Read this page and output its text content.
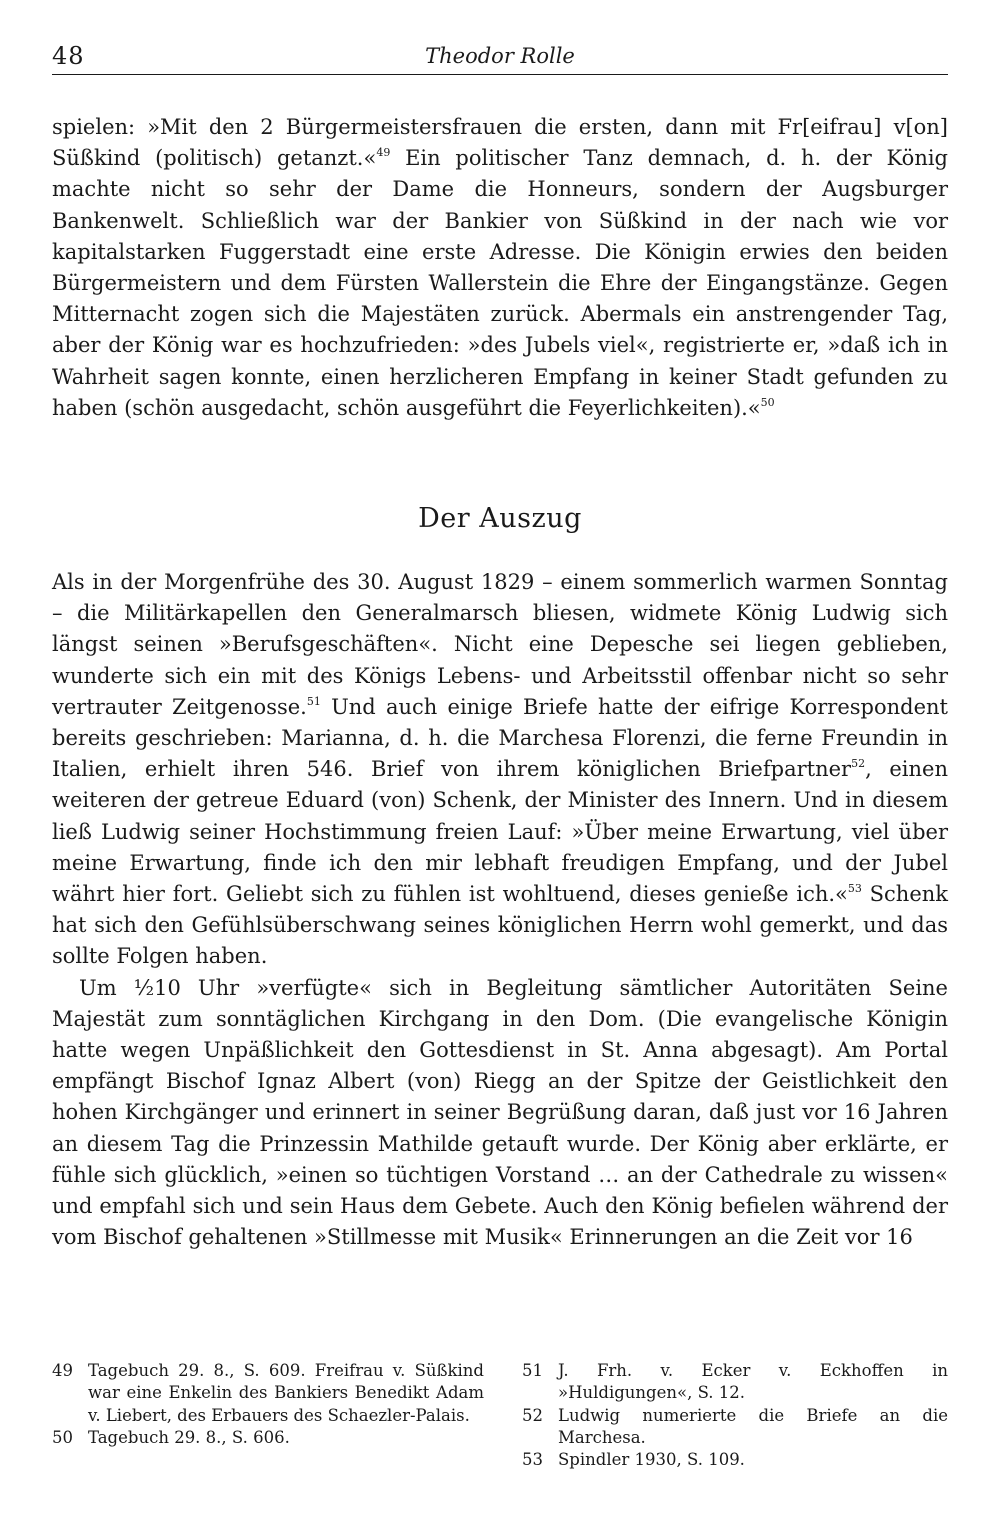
48	Theodor Rolle

spielen: »Mit den 2 Bürgermeistersfrauen die ersten, dann mit Fr[eifrau] v[on] Süßkind (politisch) getanzt.«$^{49}$ Ein politischer Tanz demnach, d. h. der König machte nicht so sehr der Dame die Honneurs, sondern der Augsburger Bankenwelt. Schließlich war der Bankier von Süßkind in der nach wie vor kapitalstarken Fuggerstadt eine erste Adresse. Die Königin erwies den beiden Bürgermeistern und dem Fürsten Wallerstein die Ehre der Eingangstänze. Gegen Mitternacht zogen sich die Majestäten zurück. Abermals ein anstrengender Tag, aber der König war es hochzufrieden: »des Jubels viel«, registrierte er, »daß ich in Wahrheit sagen konnte, einen herzlicheren Empfang in keiner Stadt gefunden zu haben (schön ausgedacht, schön ausgeführt die Feyerlichkeiten).«$^{50}$

Der Auszug

Als in der Morgenfrühe des 30. August 1829 – einem sommerlich warmen Sonntag – die Militärkapellen den Generalmarsch bliesen, widmete König Ludwig sich längst seinen »Berufsgeschäften«. Nicht eine Depesche sei liegen geblieben, wunderte sich ein mit des Königs Lebens- und Arbeitsstil offenbar nicht so sehr vertrauter Zeitgenosse.$^{51}$ Und auch einige Briefe hatte der eifrige Korrespondent bereits geschrieben: Marianna, d. h. die Marchesa Florenzi, die ferne Freundin in Italien, erhielt ihren 546. Brief von ihrem königlichen Briefpartner$^{52}$, einen weiteren der getreue Eduard (von) Schenk, der Minister des Innern. Und in diesem ließ Ludwig seiner Hochstimmung freien Lauf: »Über meine Erwartung, viel über meine Erwartung, finde ich den mir lebhaft freudigen Empfang, und der Jubel währt hier fort. Geliebt sich zu fühlen ist wohltuend, dieses genieße ich.«$^{53}$ Schenk hat sich den Gefühlsüberschwang seines königlichen Herrn wohl gemerkt, und das sollte Folgen haben.

Um ½10 Uhr »verfügte« sich in Begleitung sämtlicher Autoritäten Seine Majestät zum sonntäglichen Kirchgang in den Dom. (Die evangelische Königin hatte wegen Unpäßlichkeit den Gottesdienst in St. Anna abgesagt). Am Portal empfängt Bischof Ignaz Albert (von) Riegg an der Spitze der Geistlichkeit den hohen Kirchgänger und erinnert in seiner Begrüßung daran, daß just vor 16 Jahren an diesem Tag die Prinzessin Mathilde getauft wurde. Der König aber erklärte, er fühle sich glücklich, »einen so tüchtigen Vorstand … an der Cathedrale zu wissen« und empfahl sich und sein Haus dem Gebete. Auch den König befielen während der vom Bischof gehaltenen »Stillmesse mit Musik« Erinnerungen an die Zeit vor 16

49 Tagebuch 29. 8., S. 609. Freifrau v. Süßkind war eine Enkelin des Bankiers Benedikt Adam v. Liebert, des Erbauers des Schaezler-Palais.
50 Tagebuch 29. 8., S. 606.
51 J. Frh. v. Ecker v. Eckhoffen in »Huldigungen«, S. 12.
52 Ludwig numerierte die Briefe an die Marchesa.
53 Spindler 1930, S. 109.
